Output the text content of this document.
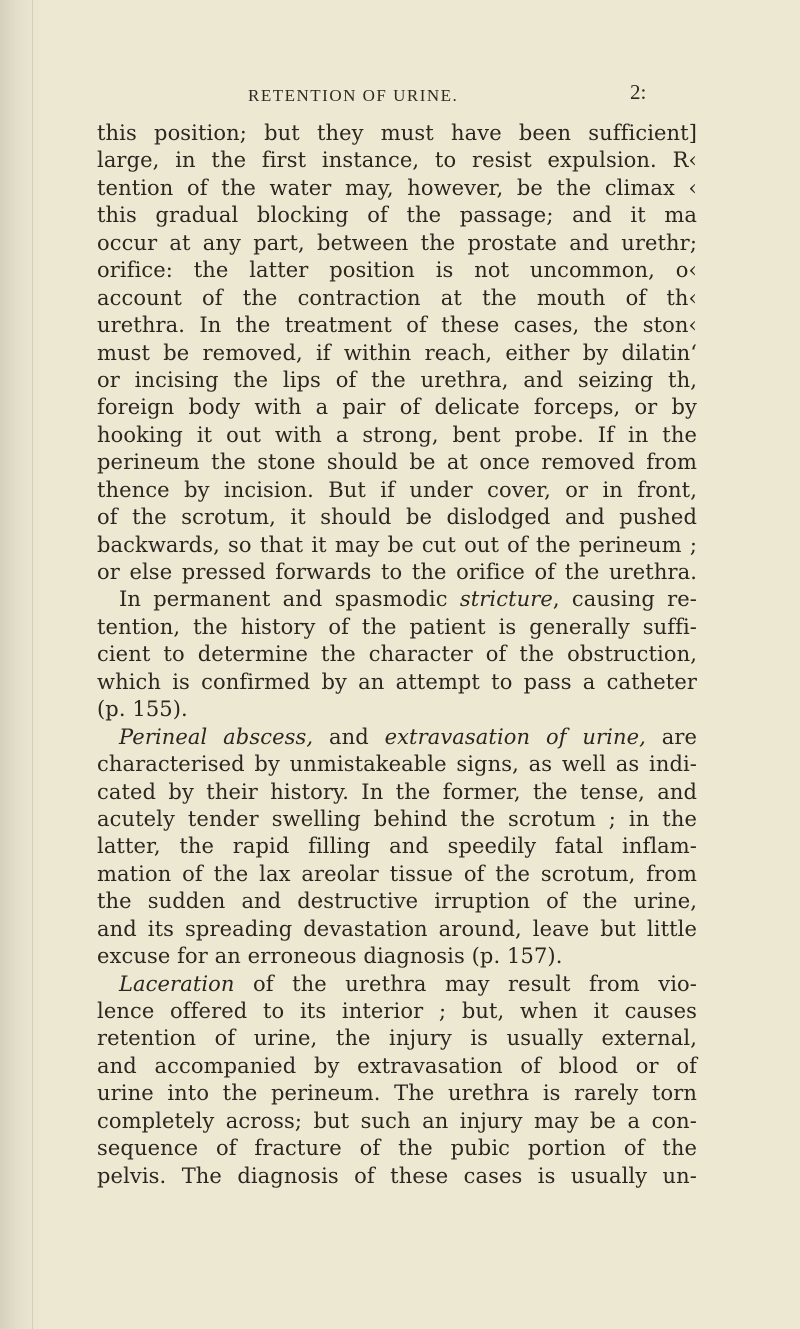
RETENTION OF URINE.	2:
this position; but they must have been sufficient]
large, in the first instance, to resist expulsion. R‹
tention of the water may, however, be the climax ‹
this gradual blocking of the passage; and it ma
occur at any part, between the prostate and urethr;
orifice: the latter position is not uncommon, o‹
account of the contraction at the mouth of th‹
urethra. In the treatment of these cases, the ston‹
must be removed, if within reach, either by dilatin‘
or incising the lips of the urethra, and seizing th,
foreign body with a pair of delicate forceps, or by
hooking it out with a strong, bent probe. If in the
perineum the stone should be at once removed from
thence by incision. But if under cover, or in front,
of the scrotum, it should be dislodged and pushed
backwards, so that it may be cut out of the perineum ;
or else pressed forwards to the orifice of the urethra.
In permanent and spasmodic stricture, causing re-
tention, the history of the patient is generally suffi-
cient to determine the character of the obstruction,
which is confirmed by an attempt to pass a catheter
(p. 155).
Perineal abscess, and extravasation of urine, are
characterised by unmistakeable signs, as well as indi-
cated by their history. In the former, the tense, and
acutely tender swelling behind the scrotum ; in the
latter, the rapid filling and speedily fatal inflam-
mation of the lax areolar tissue of the scrotum, from
the sudden and destructive irruption of the urine,
and its spreading devastation around, leave but little
excuse for an erroneous diagnosis (p. 157).
Laceration of the urethra may result from vio-
lence offered to its interior ; but, when it causes
retention of urine, the injury is usually external,
and accompanied by extravasation of blood or of
urine into the perineum. The urethra is rarely torn
completely across; but such an injury may be a con-
sequence of fracture of the pubic portion of the
pelvis. The diagnosis of these cases is usually un-
